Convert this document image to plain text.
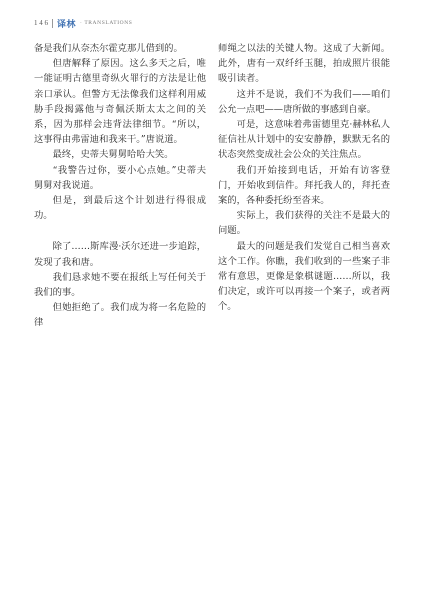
1 4 6 译林 · TRANSLATIONS

备是我们从奈杰尔霍克那儿借到的。

但唐解释了原因。这么多天之后，唯一能证明古德里奇纵火罪行的方法是让他亲口承认。但警方无法像我们这样利用威胁手段揭露他与奇佩沃斯太太之间的关系，因为那样会违背法律细节。“所以，这事得由弗雷迪和我来干。”唐说道。

最终，史蒂夫舅舅哈哈大笑。

“我警告过你，要小心点她。”史蒂夫舅舅对我说道。

但是，到最后这个计划进行得很成功。

除了……斯库漫·沃尔还进一步追踪，发现了我和唐。

我们恳求她不要在报纸上写任何关于我们的事。

但她拒绝了。我们成为将一名危险的律

师绳之以法的关键人物。这成了大新闻。此外，唐有一双纤纤玉腿，拍成照片很能吸引读者。

这并不是说，我们不为我们——咱们公允一点吧——唐所做的事感到自豪。

可是，这意味着弗雷德里克·赫林私人征信社从计划中的安安静静，默默无名的状态突然变成社会公众的关注焦点。

我们开始接到电话，开始有访客登门，开始收到信件。拜托我人的，拜托查案的，各种委托纷至沓来。

实际上，我们获得的关注不是最大的问题。

最大的问题是我们发觉自己相当喜欢这个工作。你瞧，我们收到的一些案子非常有意思，更像是象棋谜题……所以，我们决定，或许可以再接一个案子，或者两个。
